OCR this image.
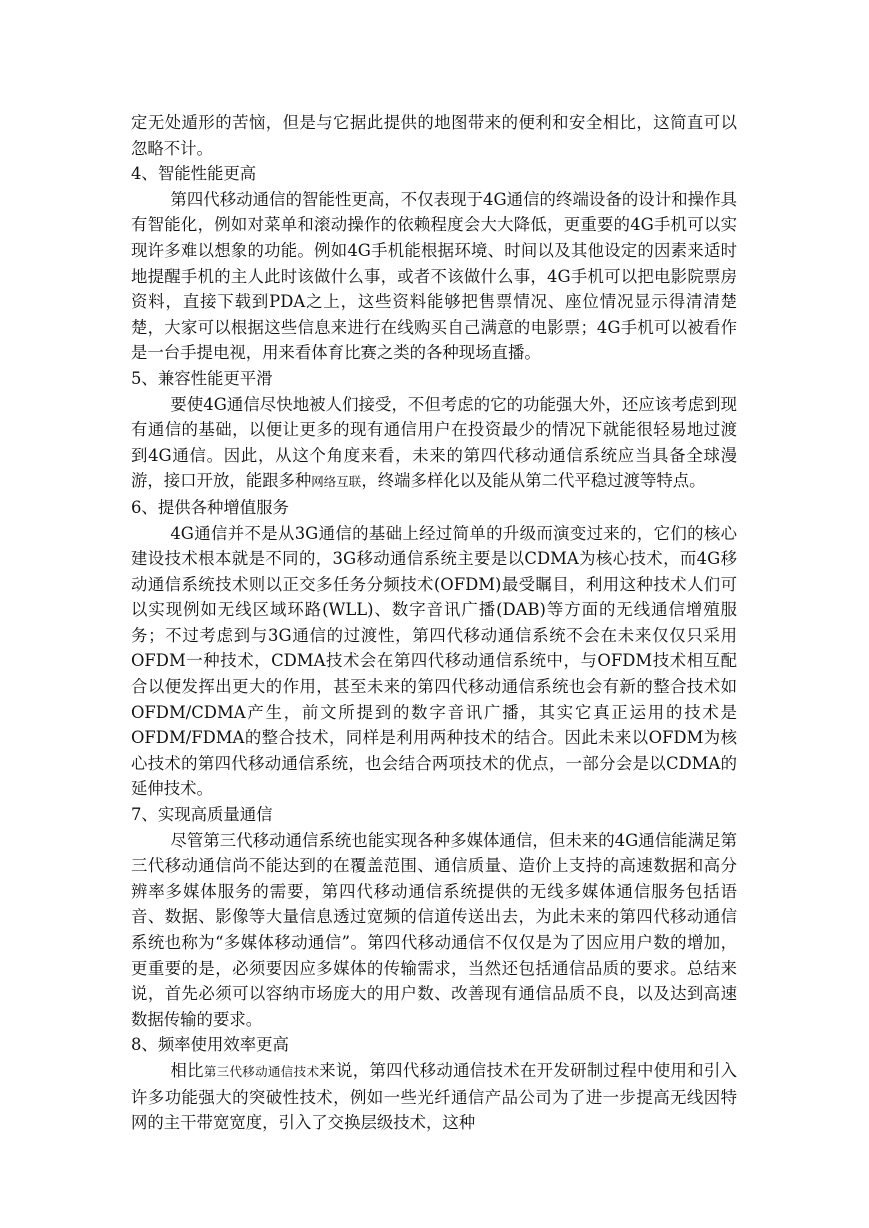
定无处遁形的苦恼，但是与它据此提供的地图带来的便利和安全相比，这简直可以忽略不计。

4、智能性能更高

第四代移动通信的智能性更高，不仅表现于4G通信的终端设备的设计和操作具有智能化，例如对菜单和滚动操作的依赖程度会大大降低，更重要的4G手机可以实现许多难以想象的功能。例如4G手机能根据环境、时间以及其他设定的因素来适时地提醒手机的主人此时该做什么事，或者不该做什么事，4G手机可以把电影院票房资料，直接下载到PDA之上，这些资料能够把售票情况、座位情况显示得清清楚楚，大家可以根据这些信息来进行在线购买自己满意的电影票；4G手机可以被看作是一台手提电视，用来看体育比赛之类的各种现场直播。

5、兼容性能更平滑

要使4G通信尽快地被人们接受，不但考虑的它的功能强大外，还应该考虑到现有通信的基础，以便让更多的现有通信用户在投资最少的情况下就能很轻易地过渡到4G通信。因此，从这个角度来看，未来的第四代移动通信系统应当具备全球漫游，接口开放，能跟多种网络互联，终端多样化以及能从第二代平稳过渡等特点。

6、提供各种增值服务

4G通信并不是从3G通信的基础上经过简单的升级而演变过来的，它们的核心建设技术根本就是不同的，3G移动通信系统主要是以CDMA为核心技术，而4G移动通信系统技术则以正交多任务分频技术(OFDM)最受瞩目，利用这种技术人们可以实现例如无线区域环路(WLL)、数字音讯广播(DAB)等方面的无线通信增殖服务；不过考虑到与3G通信的过渡性，第四代移动通信系统不会在未来仅仅只采用OFDM一种技术，CDMA技术会在第四代移动通信系统中，与OFDM技术相互配合以便发挥出更大的作用，甚至未来的第四代移动通信系统也会有新的整合技术如OFDM/CDMA产生，前文所提到的数字音讯广播，其实它真正运用的技术是OFDM/FDMA的整合技术，同样是利用两种技术的结合。因此未来以OFDM为核心技术的第四代移动通信系统，也会结合两项技术的优点，一部分会是以CDMA的延伸技术。

7、实现高质量通信

尽管第三代移动通信系统也能实现各种多媒体通信，但未来的4G通信能满足第三代移动通信尚不能达到的在覆盖范围、通信质量、造价上支持的高速数据和高分辨率多媒体服务的需要，第四代移动通信系统提供的无线多媒体通信服务包括语音、数据、影像等大量信息透过宽频的信道传送出去，为此未来的第四代移动通信系统也称为“多媒体移动通信”。第四代移动通信不仅仅是为了因应用户数的增加，更重要的是，必须要因应多媒体的传输需求，当然还包括通信品质的要求。总结来说，首先必须可以容纳市场庞大的用户数、改善现有通信品质不良，以及达到高速数据传输的要求。

8、频率使用效率更高

相比第三代移动通信技术来说，第四代移动通信技术在开发研制过程中使用和引入许多功能强大的突破性技术，例如一些光纤通信产品公司为了进一步提高无线因特网的主干带宽宽度，引入了交换层级技术，这种
